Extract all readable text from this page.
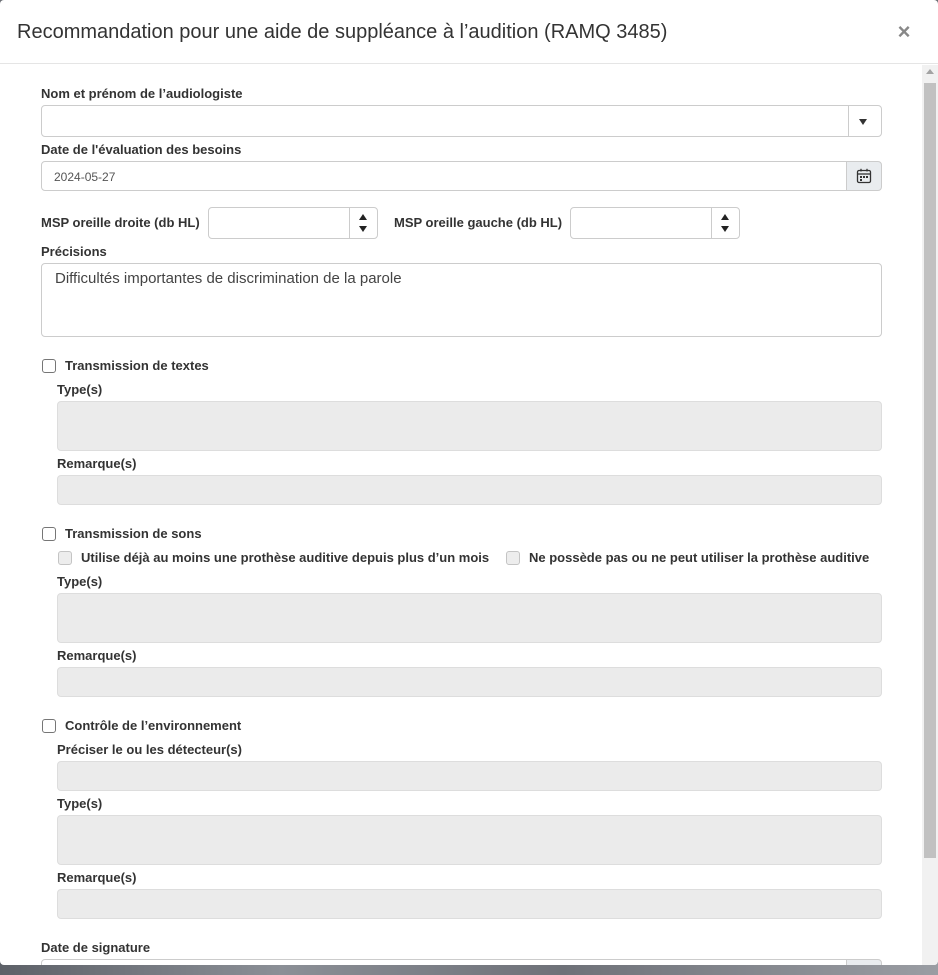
Recommandation pour une aide de suppléance à l’audition (RAMQ 3485)	×
Nom et prénom de l’audiologiste
Date de l'évaluation des besoins
2024-05-27
MSP oreille droite (db HL)	MSP oreille gauche (db HL)
Précisions
Difficultés importantes de discrimination de la parole
Transmission de textes
Type(s)
Remarque(s)
Transmission de sons
Utilise déjà au moins une prothèse auditive depuis plus d’un mois	Ne possède pas ou ne peut utiliser la prothèse auditive
Type(s)
Remarque(s)
Contrôle de l’environnement
Préciser le ou les détecteur(s)
Type(s)
Remarque(s)
Date de signature
